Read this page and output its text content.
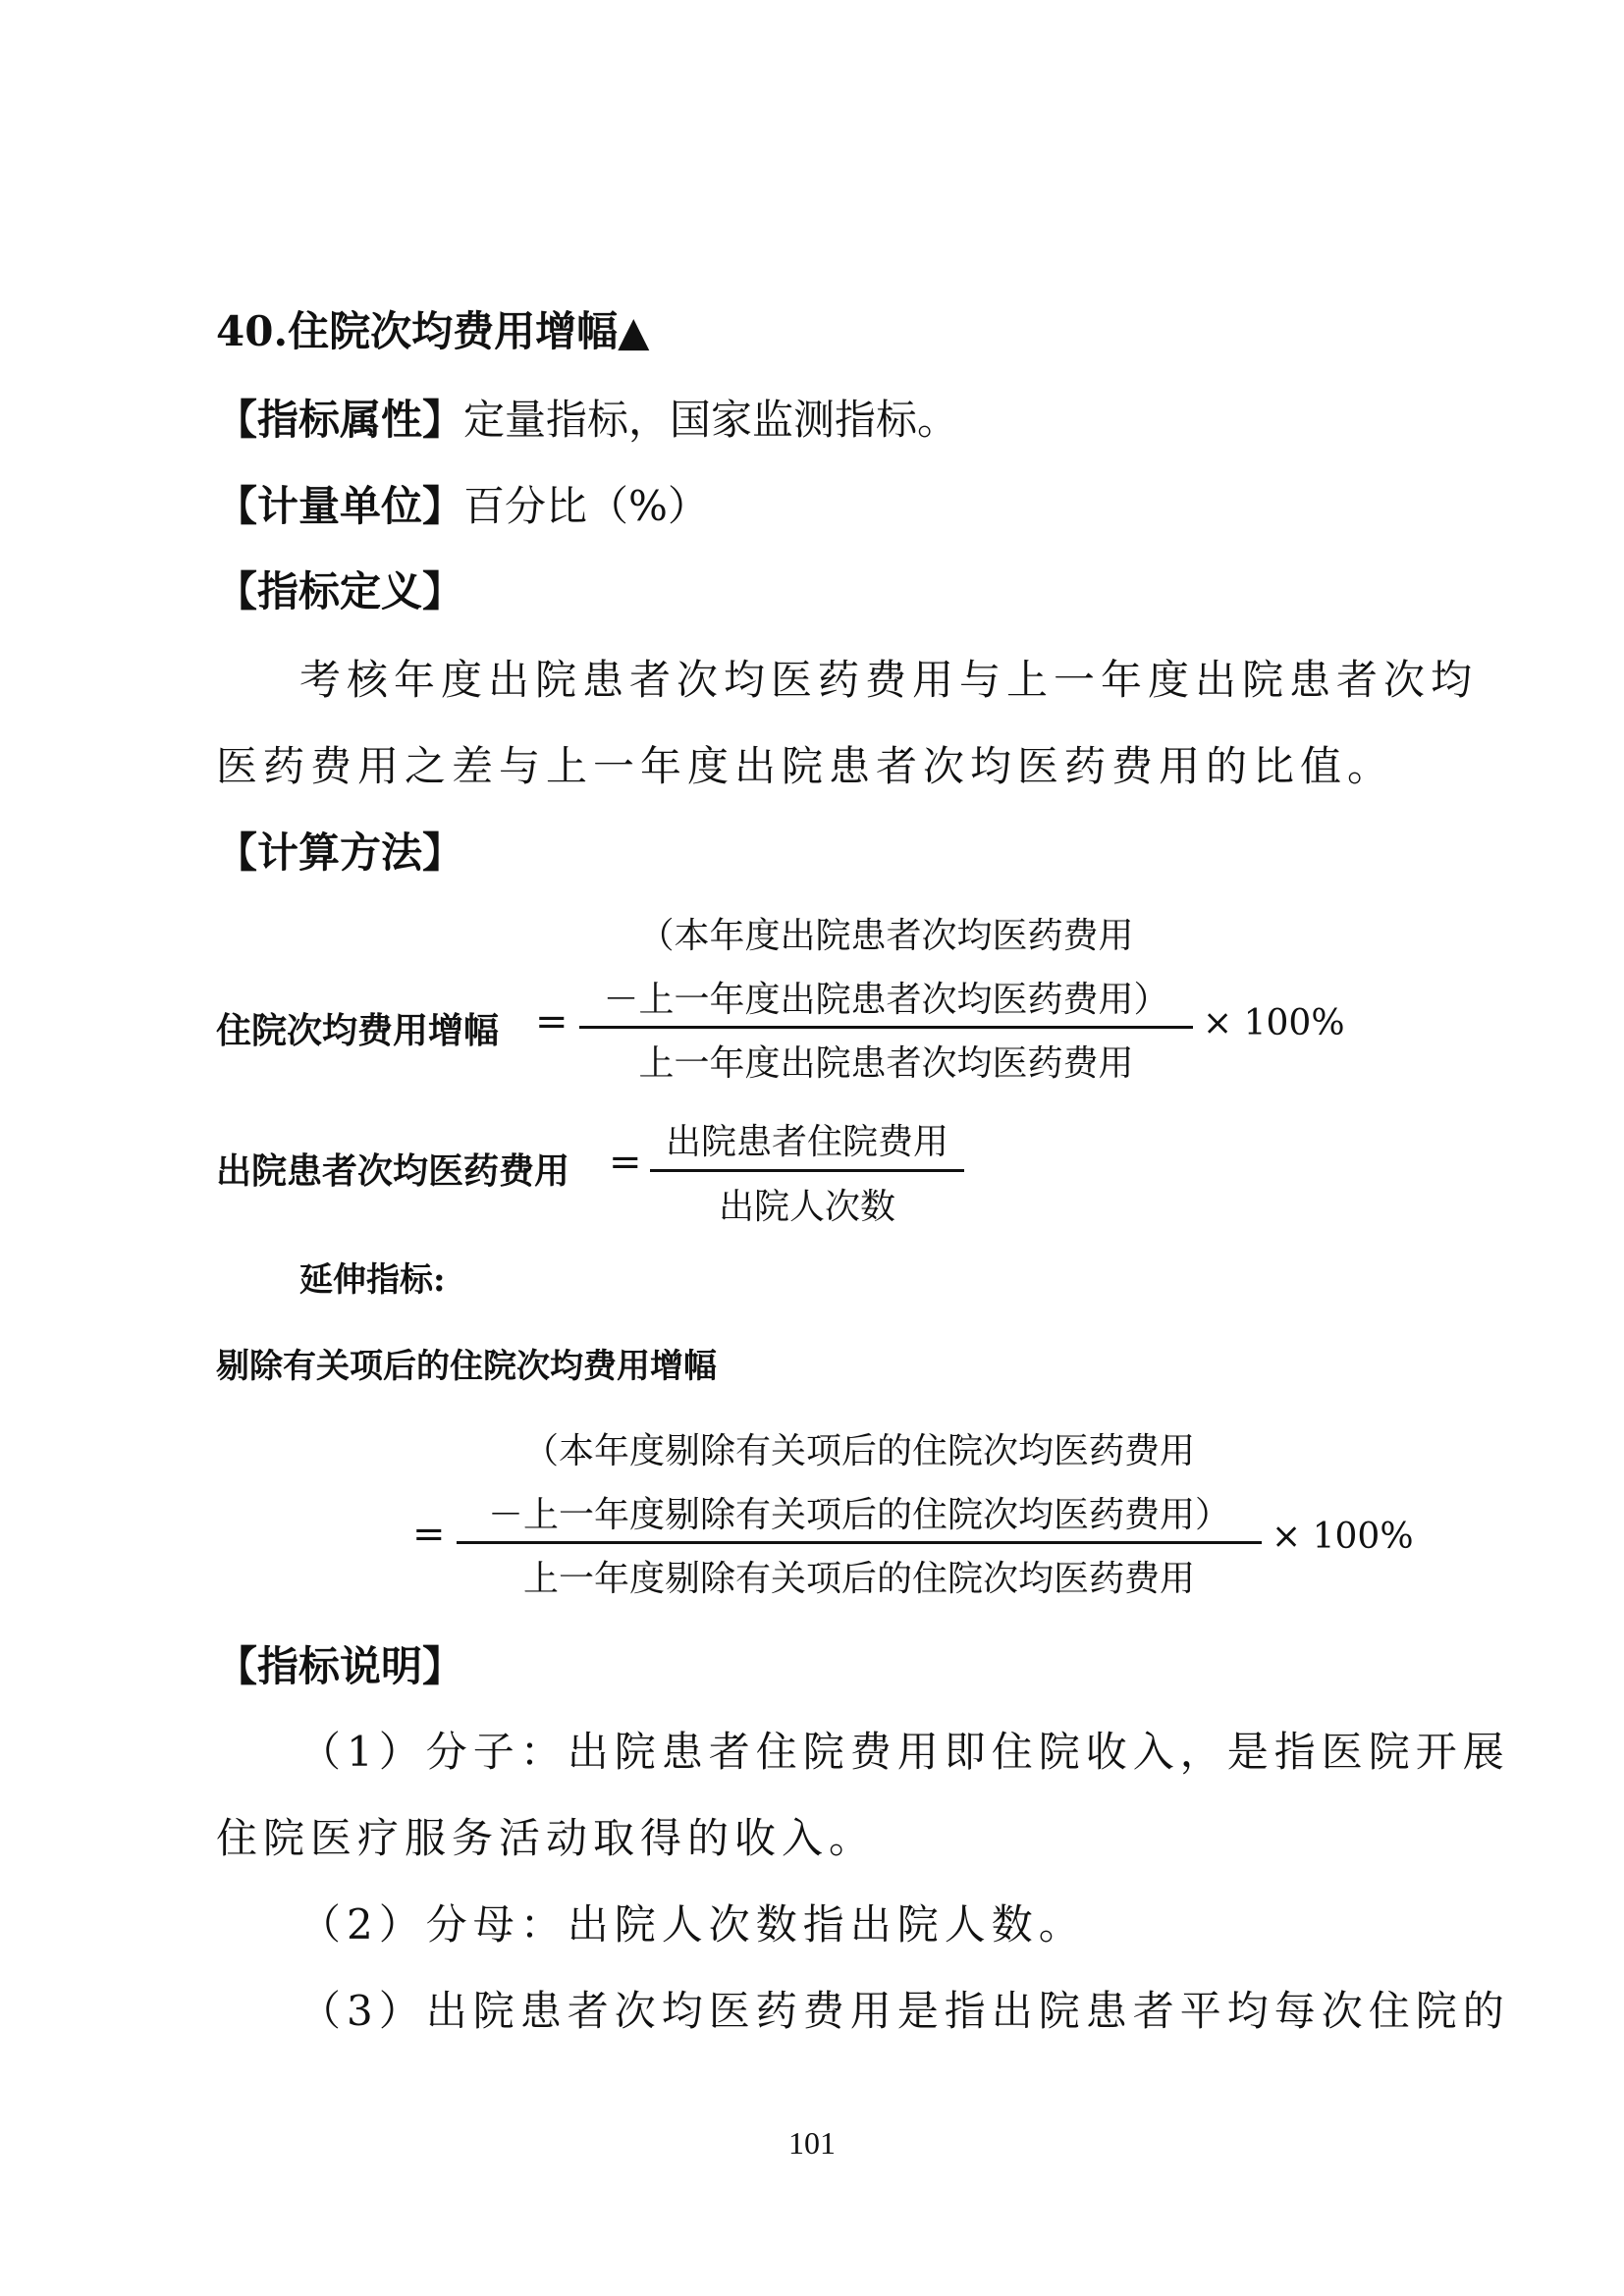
40.住院次均费用增幅▲
【指标属性】定量指标，国家监测指标。
【计量单位】百分比（%）
【指标定义】
考核年度出院患者次均医药费用与上一年度出院患者次均
医药费用之差与上一年度出院患者次均医药费用的比值。
【计算方法】
住院次均费用增幅 =
（本年度出院患者次均医药费用
－上一年度出院患者次均医药费用）
上一年度出院患者次均医药费用
× 100%
出院患者次均医药费用 = 出院患者住院费用
出院人次数
延伸指标:
剔除有关项后的住院次均费用增幅
=
（本年度剔除有关项后的住院次均医药费用
－上一年度剔除有关项后的住院次均医药费用）
上一年度剔除有关项后的住院次均医药费用
× 100%
【指标说明】
（1）分子：出院患者住院费用即住院收入，是指医院开展
住院医疗服务活动取得的收入。
（2）分母：出院人次数指出院人数。
（3）出院患者次均医药费用是指出院患者平均每次住院的
101
